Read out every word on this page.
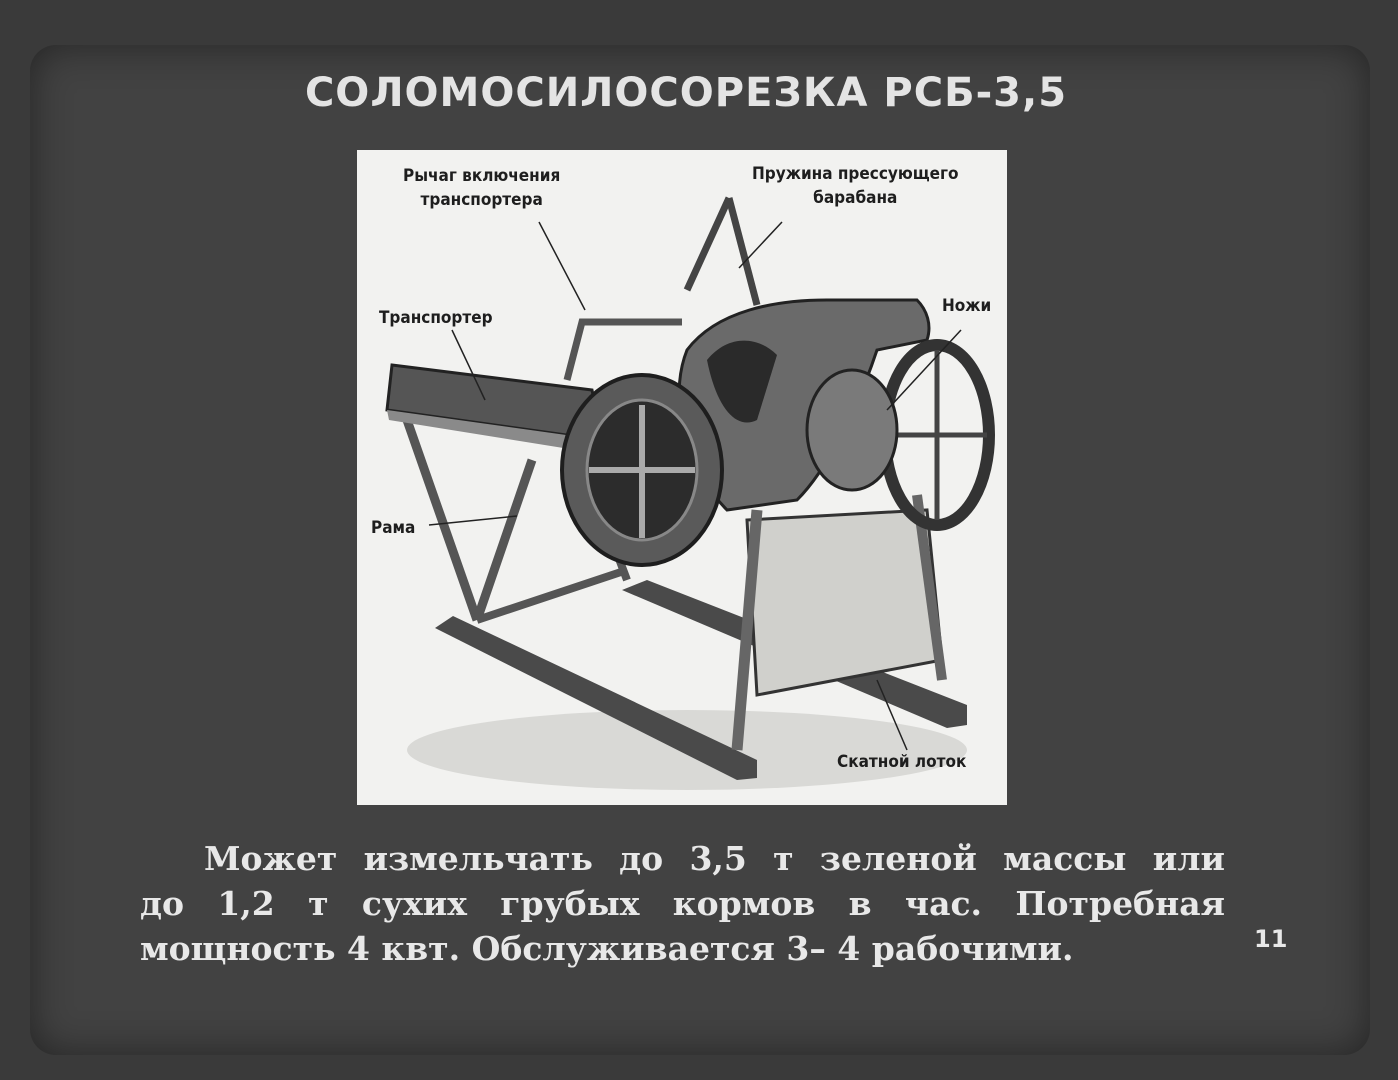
СОЛОМОСИЛОСОРЕЗКА РСБ-3,5
Рычаг включения
транспортера
Пружина прессующего
барабана
Ножи
Транспортер
Рама
Скатной лоток
Может измельчать до 3,5 т зеленой массы или
до 1,2 т сухих грубых кормов в час. Потребная
мощность 4 квт. Обслуживается 3– 4 рабочими.	11
